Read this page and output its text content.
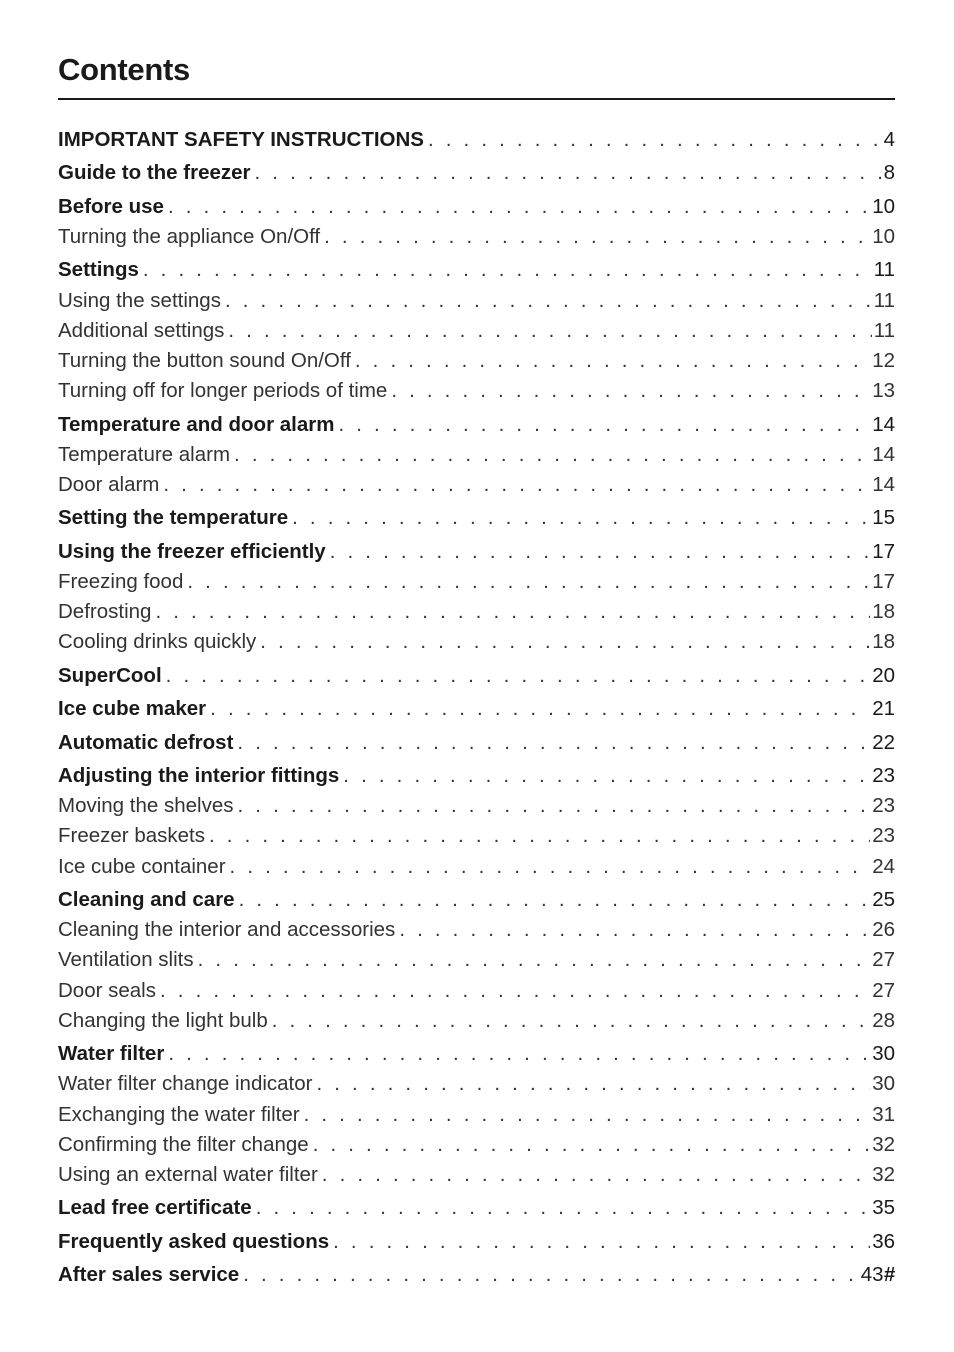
Contents
IMPORTANT SAFETY INSTRUCTIONS . . .	4
Guide to the freezer . . .	8
Before use . . .	10
Turning the appliance On/Off . . .	10
Settings . . .	11
Using the settings . . .	11
Additional settings . . .	11
Turning the button sound On/Off . . .	12
Turning off for longer periods of time . . .	13
Temperature and door alarm . . .	14
Temperature alarm . . .	14
Door alarm . . .	14
Setting the temperature . . .	15
Using the freezer efficiently . . .	17
Freezing food . . .	17
Defrosting . . .	18
Cooling drinks quickly . . .	18
SuperCool . . .	20
Ice cube maker . . .	21
Automatic defrost . . .	22
Adjusting the interior fittings . . .	23
Moving the shelves . . .	23
Freezer baskets . . .	23
Ice cube container . . .	24
Cleaning and care . . .	25
Cleaning the interior and accessories . . .	26
Ventilation slits . . .	27
Door seals . . .	27
Changing the light bulb . . .	28
Water filter . . .	30
Water filter change indicator . . .	30
Exchanging the water filter . . .	31
Confirming the filter change . . .	32
Using an external water filter . . .	32
Lead free certificate . . .	35
Frequently asked questions . . .	36
After sales service . . .	43#
